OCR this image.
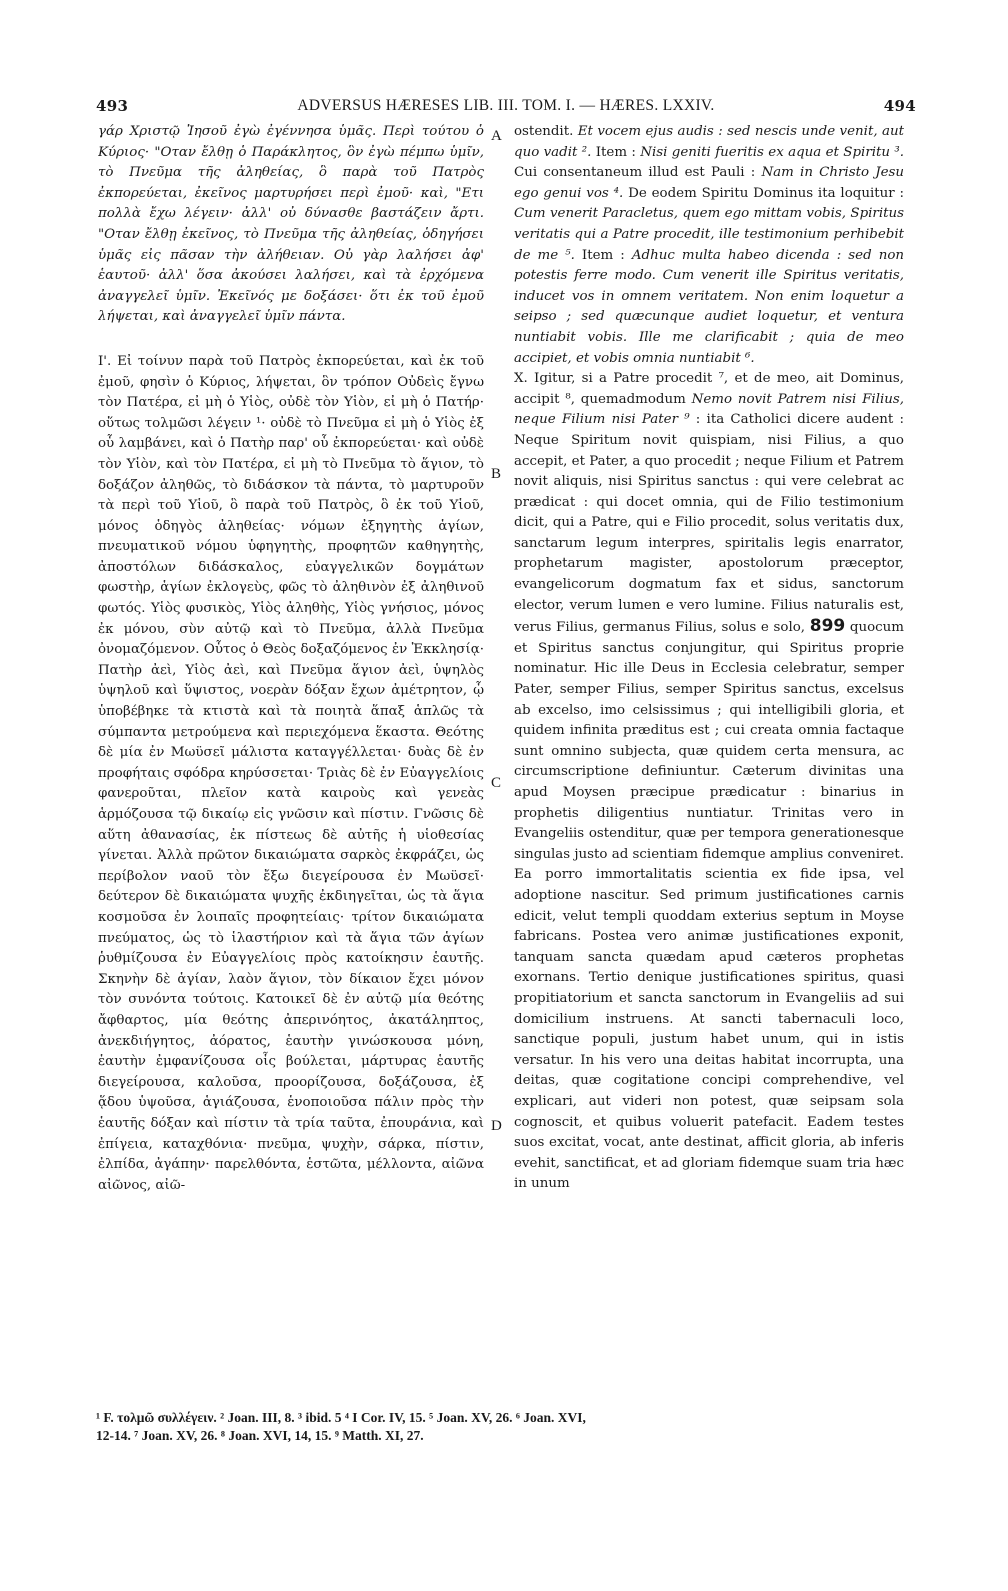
493	ADVERSUS HÆRESES LIB. III. TOM. I. — HÆRES. LXXIV.	494

γάρ Χριστῷ Ἰησοῦ ἐγὼ ἐγέννησα ὑμᾶς. Περὶ τούτου ὁ Κύριος· "Οταν ἔλθῃ ὁ Παράκλητος, ὃν ἐγὼ πέμπω ὑμῖν, τὸ Πνεῦμα τῆς ἀληθείας, ὃ παρὰ τοῦ Πατρὸς ἐκπορεύεται, ἐκεῖνος μαρτυρήσει περὶ ἐμοῦ· καὶ, "Ετι πολλὰ ἔχω λέγειν· ἀλλ' οὐ δύνασθε βαστάζειν ἄρτι. "Οταν ἔλθῃ ἐκεῖνος, τὸ Πνεῦμα τῆς ἀληθείας, ὁδηγήσει ὑμᾶς εἰς πᾶσαν τὴν ἀλήθειαν. Οὐ γὰρ λαλήσει ἀφ' ἑαυτοῦ· ἀλλ' ὅσα ἀκούσει λαλήσει, καὶ τὰ ἐρχόμενα ἀναγγελεῖ ὑμῖν. Ἐκεῖνός με δοξάσει· ὅτι ἐκ τοῦ ἐμοῦ λήψεται, καὶ ἀναγγελεῖ ὑμῖν πάντα.

Ι'. Εἰ τοίνυν παρὰ τοῦ Πατρὸς ἐκπορεύεται, καὶ ἐκ τοῦ ἐμοῦ, φησὶν ὁ Κύριος, λήψεται, ὃν τρόπον Οὐδεὶς ἔγνω τὸν Πατέρα, εἰ μὴ ὁ Υἱὸς, οὐδὲ τὸν Υἱὸν, εἰ μὴ ὁ Πατήρ· οὕτως τολμῶσι λέγειν ¹· οὐδὲ τὸ Πνεῦμα εἰ μὴ ὁ Υἱὸς ἐξ οὗ λαμβάνει, καὶ ὁ Πατὴρ παρ' οὗ ἐκπορεύεται· καὶ οὐδὲ τὸν Υἱὸν, καὶ τὸν Πατέρα, εἰ μὴ τὸ Πνεῦμα τὸ ἅγιον, τὸ δοξάζον ἀληθῶς, τὸ διδάσκον τὰ πάντα, τὸ μαρτυροῦν τὰ περὶ τοῦ Υἱοῦ, ὃ παρὰ τοῦ Πατρὸς, ὃ ἐκ τοῦ Υἱοῦ, μόνος ὁδηγὸς ἀληθείας· νόμων ἐξηγητὴς ἁγίων, πνευματικοῦ νόμου ὑφηγητὴς, προφητῶν καθηγητὴς, ἀποστόλων διδάσκαλος, εὐαγγελικῶν δογμάτων φωστὴρ, ἁγίων ἐκλογεὺς, φῶς τὸ ἀληθινὸν ἐξ ἀληθινοῦ φωτός. Υἱὸς φυσικὸς, Υἱὸς ἀληθὴς, Υἱὸς γνήσιος, μόνος ἐκ μόνου, σὺν αὐτῷ καὶ τὸ Πνεῦμα, ἀλλὰ Πνεῦμα ὀνομαζόμενον. Οὗτος ὁ Θεὸς δοξαζόμενος ἐν Ἐκκλησίᾳ· Πατὴρ ἀεὶ, Υἱὸς ἀεὶ, καὶ Πνεῦμα ἅγιον ἀεὶ, ὑψηλὸς ὑψηλοῦ καὶ ὕψιστος, νοερὰν δόξαν ἔχων ἀμέτρητον, ᾧ ὑποβέβηκε τὰ κτιστὰ καὶ τὰ ποιητὰ ἅπαξ ἁπλῶς τὰ σύμπαντα μετρούμενα καὶ περιεχόμενα ἕκαστα. Θεότης δὲ μία ἐν Μωϋσεῖ μάλιστα καταγγέλλεται· δυὰς δὲ ἐν προφήταις σφόδρα κηρύσσεται· Τριὰς δὲ ἐν Εὐαγγελίοις φανεροῦται, πλεῖον κατὰ καιροὺς καὶ γενεὰς ἁρμόζουσα τῷ δικαίῳ εἰς γνῶσιν καὶ πίστιν. Γνῶσις δὲ αὕτη ἀθανασίας, ἐκ πίστεως δὲ αὐτῆς ἡ υἱοθεσίας γίνεται. Ἀλλὰ πρῶτον δικαιώματα σαρκὸς ἐκφράζει, ὡς περίβολον ναοῦ τὸν ἔξω διεγείρουσα ἐν Μωϋσεῖ· δεύτερον δὲ δικαιώματα ψυχῆς ἐκδιηγεῖται, ὡς τὰ ἅγια κοσμοῦσα ἐν λοιπαῖς προφητείαις· τρίτον δικαιώματα πνεύματος, ὡς τὸ ἱλαστήριον καὶ τὰ ἅγια τῶν ἁγίων ῥυθμίζουσα ἐν Εὐαγγελίοις πρὸς κατοίκησιν ἑαυτῆς. Σκηνὴν δὲ ἁγίαν, λαὸν ἅγιον, τὸν δίκαιον ἔχει μόνον τὸν συνόντα τούτοις. Κατοικεῖ δὲ ἐν αὐτῷ μία θεότης ἄφθαρτος, μία θεότης ἀπερινόητος, ἀκατάληπτος, ἀνεκδιήγητος, ἀόρατος, ἑαυτὴν γινώσκουσα μόνη, ἑαυτὴν ἐμφανίζουσα οἷς βούλεται, μάρτυρας ἑαυτῆς διεγείρουσα, καλοῦσα, προορίζουσα, δοξάζουσα, ἐξ ᾅδου ὑψοῦσα, ἁγιάζουσα, ἑνοποιοῦσα πάλιν πρὸς τὴν ἑαυτῆς δόξαν καὶ πίστιν τὰ τρία ταῦτα, ἐπουράνια, καὶ ἐπίγεια, καταχθόνια· πνεῦμα, ψυχὴν, σάρκα, πίστιν, ἐλπίδα, ἀγάπην· παρελθόντα, ἑστῶτα, μέλλοντα, αἰῶνα αἰῶνος, αἰῶ-

A
B
C
D

ostendit. Et vocem ejus audis : sed nescis unde venit, aut quo vadit ². Item : Nisi geniti fueritis ex aqua et Spiritu ³. Cui consentaneum illud est Pauli : Nam in Christo Jesu ego genui vos ⁴. De eodem Spiritu Dominus ita loquitur : Cum venerit Paracletus, quem ego mittam vobis, Spiritus veritatis qui a Patre procedit, ille testimonium perhibebit de me ⁵. Item : Adhuc multa habeo dicenda : sed non potestis ferre modo. Cum venerit ille Spiritus veritatis, inducet vos in omnem veritatem. Non enim loquetur a seipso ; sed quæcunque audiet loquetur, et ventura nuntiabit vobis. Ille me clarificabit ; quia de meo accipiet, et vobis omnia nuntiabit ⁶.

X. Igitur, si a Patre procedit ⁷, et de meo, ait Dominus, accipit ⁸, quemadmodum Nemo novit Patrem nisi Filius, neque Filium nisi Pater ⁹ : ita Catholici dicere audent : Neque Spiritum novit quispiam, nisi Filius, a quo accepit, et Pater, a quo procedit ; neque Filium et Patrem novit aliquis, nisi Spiritus sanctus : qui vere celebrat ac prædicat : qui docet omnia, qui de Filio testimonium dicit, qui a Patre, qui e Filio procedit, solus veritatis dux, sanctarum legum interpres, spiritalis legis enarrator, prophetarum magister, apostolorum præceptor, evangelicorum dogmatum fax et sidus, sanctorum elector, verum lumen e vero lumine. Filius naturalis est, verus Filius, germanus Filius, solus e solo, 899 quocum et Spiritus sanctus conjungitur, qui Spiritus proprie nominatur. Hic ille Deus in Ecclesia celebratur, semper Pater, semper Filius, semper Spiritus sanctus, excelsus ab excelso, imo celsissimus ; qui intelligibili gloria, et quidem infinita præditus est ; cui creata omnia factaque sunt omnino subjecta, quæ quidem certa mensura, ac circumscriptione definiuntur. Cæterum divinitas una apud Moysen præcipue prædicatur : binarius in prophetis diligentius nuntiatur. Trinitas vero in Evangeliis ostenditur, quæ per tempora generationesque singulas justo ad scientiam fidemque amplius conveniret. Ea porro immortalitatis scientia ex fide ipsa, vel adoptione nascitur. Sed primum justificationes carnis edicit, velut templi quoddam exterius septum in Moyse fabricans. Postea vero animæ justificationes exponit, tanquam sancta quædam apud cæteros prophetas exornans. Tertio denique justificationes spiritus, quasi propitiatorium et sancta sanctorum in Evangeliis ad sui domicilium instruens. At sancti tabernaculi loco, sanctique populi, justum habet unum, qui in istis versatur. In his vero una deitas habitat incorrupta, una deitas, quæ cogitatione concipi comprehendive, vel explicari, aut videri non potest, quæ seipsam sola cognoscit, et quibus voluerit patefacit. Eadem testes suos excitat, vocat, ante destinat, afficit gloria, ab inferis evehit, sanctificat, et ad gloriam fidemque suam tria hæc in unum

¹ F. τολμῶ συλλέγειν. ² Joan. III, 8. ³ ibid. 5 ⁴ I Cor. IV, 15. ⁵ Joan. XV, 26. ⁶ Joan. XVI,

12-14. ⁷ Joan. XV, 26. ⁸ Joan. XVI, 14, 15. ⁹ Matth. XI, 27.
